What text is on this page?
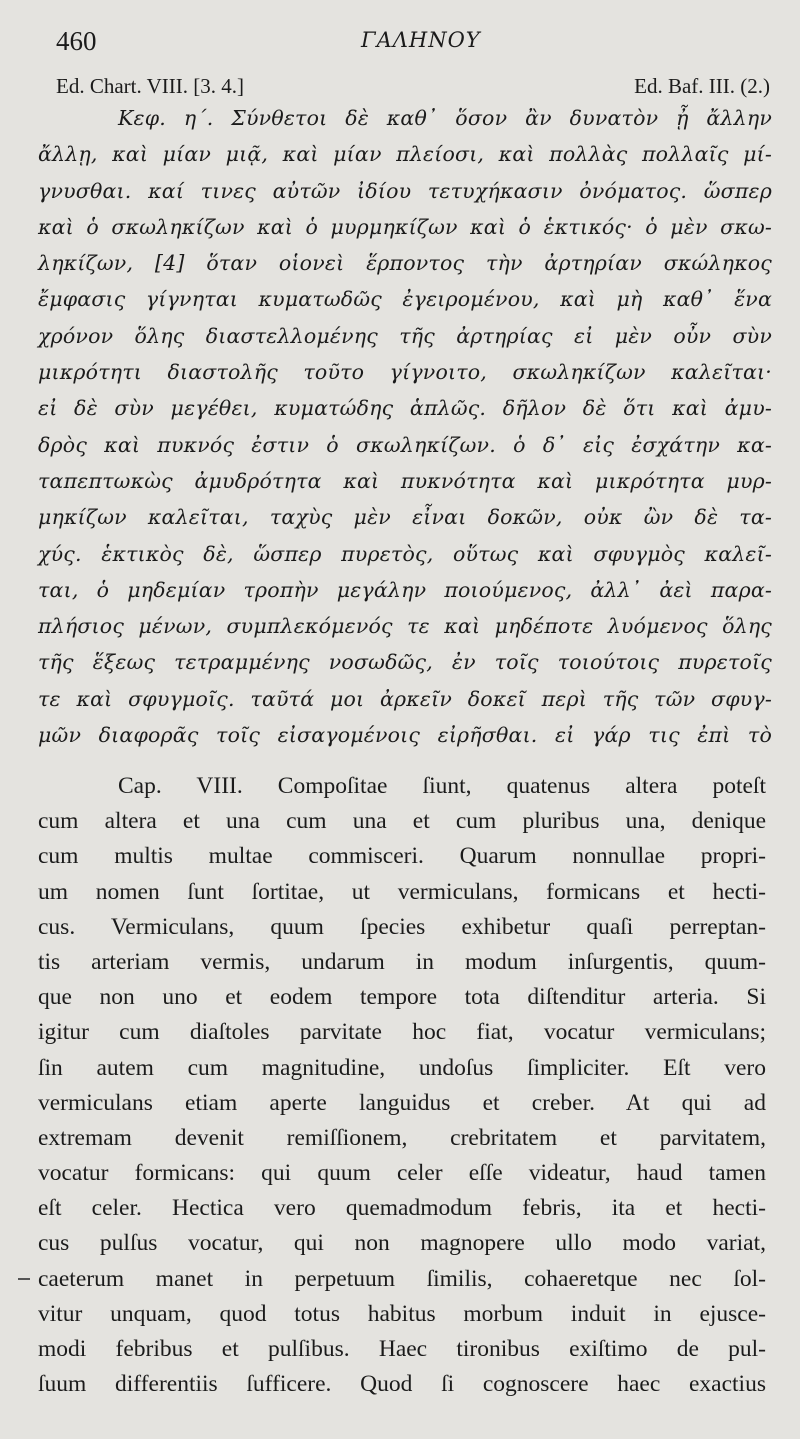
460	ΓΑΛΗΝΟΥ
Ed. Chart. VIII. [3. 4.]	Ed. Baf. III. (2.)
Κεφ. η΄. Σύνθετοι δὲ καθ᾽ ὅσον ἂν δυνατὸν ᾖ ἄλλην
ἄλλῃ, καὶ μίαν μιᾷ, καὶ μίαν πλείοσι, καὶ πολλὰς πολλαῖς μί-
γνυσθαι. καί τινες αὐτῶν ἰδίου τετυχήκασιν ὀνόματος. ὥσπερ
καὶ ὁ σκωληκίζων καὶ ὁ μυρμηκίζων καὶ ὁ ἑκτικός· ὁ μὲν σκω-
ληκίζων, [4] ὅταν οἱονεὶ ἕρποντος τὴν ἀρτηρίαν σκώληκος
ἔμφασις γίγνηται κυματωδῶς ἐγειρομένου, καὶ μὴ καθ᾽ ἕνα
χρόνον ὅλης διαστελλομένης τῆς ἀρτηρίας εἰ μὲν οὖν σὺν
μικρότητι διαστολῆς τοῦτο γίγνοιτο, σκωληκίζων καλεῖται·
εἰ δὲ σὺν μεγέθει, κυματώδης ἁπλῶς. δῆλον δὲ ὅτι καὶ ἀμυ-
δρὸς καὶ πυκνός ἐστιν ὁ σκωληκίζων. ὁ δ᾽ εἰς ἐσχάτην κα-
ταπεπτωκὼς ἀμυδρότητα καὶ πυκνότητα καὶ μικρότητα μυρ-
μηκίζων καλεῖται, ταχὺς μὲν εἶναι δοκῶν, οὐκ ὢν δὲ τα-
χύς. ἑκτικὸς δὲ, ὥσπερ πυρετὸς, οὕτως καὶ σφυγμὸς καλεῖ-
ται, ὁ μηδεμίαν τροπὴν μεγάλην ποιούμενος, ἀλλ᾽ ἀεὶ παρα-
πλήσιος μένων, συμπλεκόμενός τε καὶ μηδέποτε λυόμενος ὅλης
τῆς ἕξεως τετραμμένης νοσωδῶς, ἐν τοῖς τοιούτοις πυρετοῖς
τε καὶ σφυγμοῖς. ταῦτά μοι ἀρκεῖν δοκεῖ περὶ τῆς τῶν σφυγ-
μῶν διαφορᾶς τοῖς εἰσαγομένοις εἰρῆσθαι. εἰ γάρ τις ἐπὶ τὸ
Cap. VIII. Compoſitae ſiunt, quatenus altera poteſt
cum altera et una cum una et cum pluribus una, denique
cum multis multae commisceri. Quarum nonnullae propri-
um nomen ſunt ſortitae, ut vermiculans, formicans et hecti-
cus. Vermiculans, quum ſpecies exhibetur quaſi perreptan-
tis arteriam vermis, undarum in modum inſurgentis, quum-
que non uno et eodem tempore tota diſtenditur arteria. Si
igitur cum diaſtoles parvitate hoc fiat, vocatur vermiculans;
ſin autem cum magnitudine, undoſus ſimpliciter. Eſt vero
vermiculans etiam aperte languidus et creber. At qui ad
extremam devenit remiſſionem, crebritatem et parvitatem,
vocatur formicans: qui quum celer eſſe videatur, haud tamen
eſt celer. Hectica vero quemadmodum febris, ita et hecti-
cus pulſus vocatur, qui non magnopere ullo modo variat,
caeterum manet in perpetuum ſimilis, cohaeretque nec ſol-
vitur unquam, quod totus habitus morbum induit in ejusce-
modi febribus et pulſibus. Haec tironibus exiſtimo de pul-
ſuum differentiis ſufficere. Quod ſi cognoscere haec exactius
